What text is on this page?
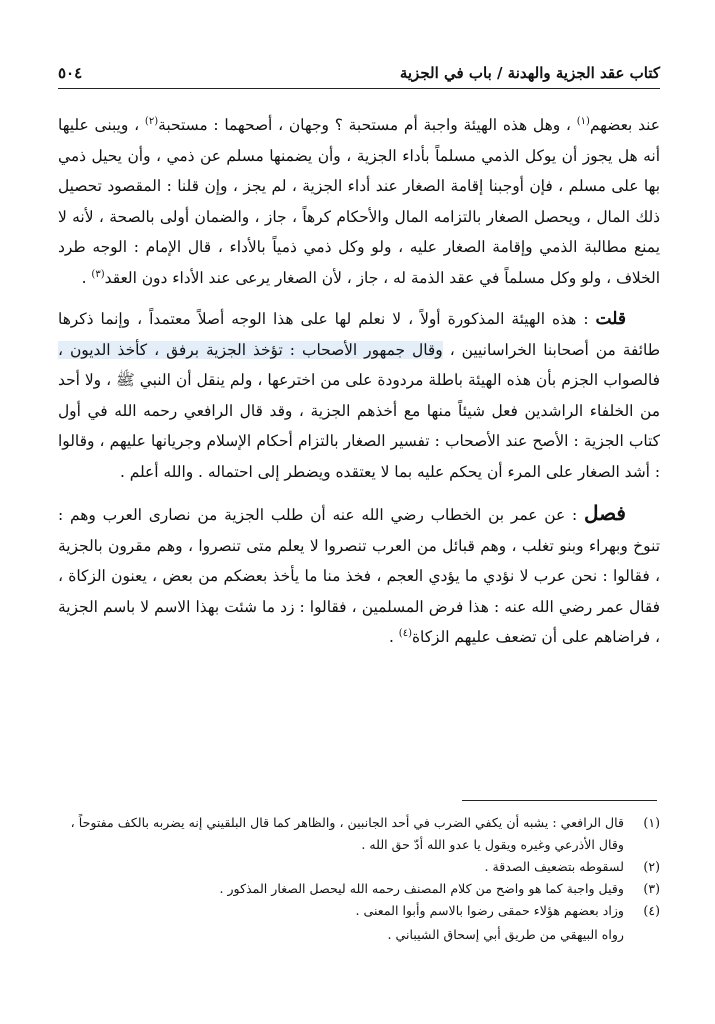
كتاب عقد الجزية والهدنة / باب في الجزية
٥٠٤

عند بعضهم$^{(١)}$ ، وهل هذه الهيئة واجبة أم مستحبة ؟ وجهان ، أصحهما : مستحبة$^{(٢)}$ ، ويبنى عليها أنه هل يجوز أن يوكل الذمي مسلماً بأداء الجزية ، وأن يضمنها مسلم عن ذمي ، وأن يحيل ذمي بها على مسلم ، فإن أوجبنا إقامة الصغار عند أداء الجزية ، لم يجز ، وإن قلنا : المقصود تحصيل ذلك المال ، ويحصل الصغار بالتزامه المال والأحكام كرهاً ، جاز ، والضمان أولى بالصحة ، لأنه لا يمنع مطالبة الذمي وإقامة الصغار عليه ، ولو وكل ذمي ذمياً بالأداء ، قال الإمام : الوجه طرد الخلاف ، ولو وكل مسلماً في عقد الذمة له ، جاز ، لأن الصغار يرعى عند الأداء دون العقد$^{(٣)}$ .

قلت : هذه الهيئة المذكورة أولاً ، لا نعلم لها على هذا الوجه أصلاً معتمداً ، وإنما ذكرها طائفة من أصحابنا الخراسانيين ، وقال جمهور الأصحاب : تؤخذ الجزية برفق ، كأخذ الديون ، فالصواب الجزم بأن هذه الهيئة باطلة مردودة على من اخترعها ، ولم ينقل أن النبي ﷺ ، ولا أحد من الخلفاء الراشدين فعل شيئاً منها مع أخذهم الجزية ، وقد قال الرافعي رحمه الله في أول كتاب الجزية : الأصح عند الأصحاب : تفسير الصغار بالتزام أحكام الإسلام وجريانها عليهم ، وقالوا : أشد الصغار على المرء أن يحكم عليه بما لا يعتقده ويضطر إلى احتماله . والله أعلم .

فصل : عن عمر بن الخطاب رضي الله عنه أن طلب الجزية من نصارى العرب وهم : تنوخ وبهراء وبنو تغلب ، وهم قبائل من العرب تنصروا لا يعلم متى تنصروا ، وهم مقرون بالجزية ، فقالوا : نحن عرب لا نؤدي ما يؤدي العجم ، فخذ منا ما يأخذ بعضكم من بعض ، يعنون الزكاة ، فقال عمر رضي الله عنه : هذا فرض المسلمين ، فقالوا : زد ما شئت بهذا الاسم لا باسم الجزية ، فراضاهم على أن تضعف عليهم الزكاة$^{(٤)}$ .

(١)
قال الرافعي : يشبه أن يكفي الضرب في أحد الجانبين ، والظاهر كما قال البلقيني إنه يضربه بالكف مفتوحاً ، وقال الأذرعي وغيره ويقول يا عدو الله أدّ حق الله .
(٢)
لسقوطه بتضعيف الصدقة .
(٣)
وقيل واجبة كما هو واضح من كلام المصنف رحمه الله ليحصل الصغار المذكور .
(٤)
وزاد بعضهم هؤلاء حمقى رضوا بالاسم وأبوا المعنى .
رواه البيهقي من طريق أبي إسحاق الشيباني .
